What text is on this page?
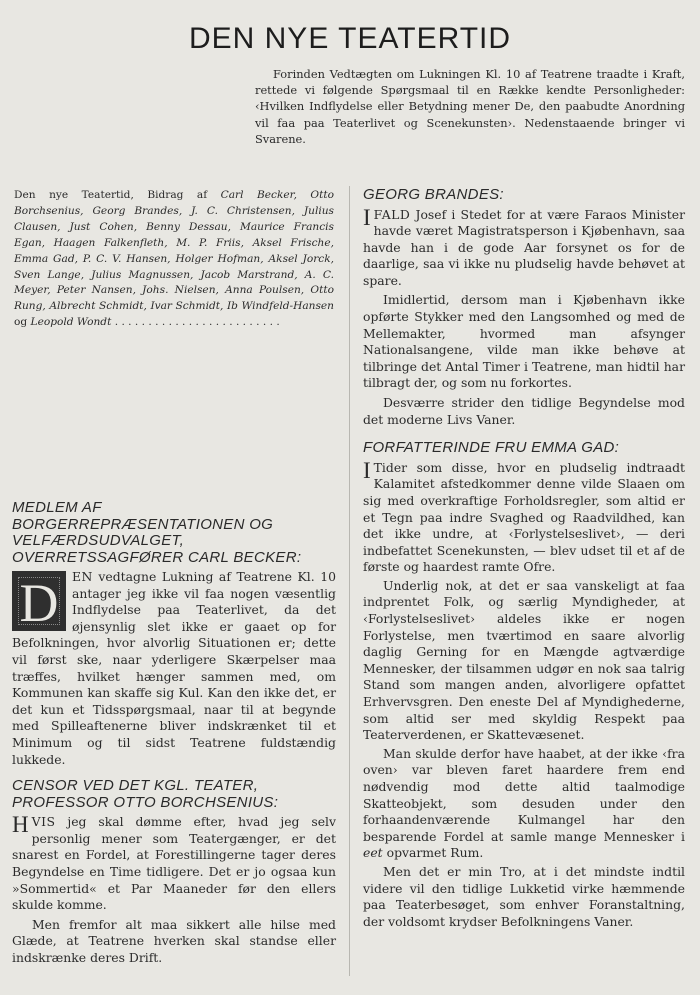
DEN NYE TEATERTID
Forinden Vedtægten om Lukningen Kl. 10 af Teatrene traadte i Kraft, rettede vi følgende Spørgsmaal til en Række kendte Personligheder: ‹Hvilken Indflydelse eller Betydning mener De, den paabudte Anordning vil faa paa Teaterlivet og Scenekunsten›. Nedenstaaende bringer vi Svarene.
Den nye Teatertid, Bidrag af Carl Becker, Otto Borchsenius, Georg Brandes, J. C. Christensen, Julius Clausen, Just Cohen, Benny Dessau, Maurice Francis Egan, Haagen Falkenfleth, M. P. Friis, Aksel Frische, Emma Gad, P. C. V. Hansen, Holger Hofman, Aksel Jorck, Sven Lange, Julius Magnussen, Jacob Marstrand, A. C. Meyer, Peter Nansen, Johs. Nielsen, Anna Poulsen, Otto Rung, Albrecht Schmidt, Ivar Schmidt, Ib Windfeld-Hansen og Leopold Wondt . . . . . . . . . . . . . . . . . . . . . . . . .
MEDLEM AF BORGERREPRÆSENTATIONEN OG VELFÆRDSUDVALGET, OVERRETSSAGFØRER CARL BECKER:

D	EN vedtagne Lukning af Teatrene Kl. 10 antager jeg ikke vil faa nogen væsentlig Indflydelse paa Teaterlivet, da det øjensynlig slet ikke er gaaet op for Befolkningen, hvor alvorlig Situationen er; dette vil først ske, naar yderligere Skærpelser maa træffes, hvilket hænger sammen med, om Kommunen kan skaffe sig Kul. Kan den ikke det, er det kun et Tidsspørgsmaal, naar til at begynde med Spilleaftenerne bliver indskrænket til et Minimum og til sidst Teatrene fuldstændig lukkede.

CENSOR VED DET KGL. TEATER, PROFESSOR OTTO BORCHSENIUS:

HVIS jeg skal dømme efter, hvad jeg selv personlig mener som Teatergænger, er det snarest en Fordel, at Forestillingerne tager deres Begyndelse en Time tidligere. Det er jo ogsaa kun »Sommertid« et Par Maaneder før den ellers skulde komme.

Men fremfor alt maa sikkert alle hilse med Glæde, at Teatrene hverken skal standse eller indskrænke deres Drift.

GEORG BRANDES:

IFALD Josef i Stedet for at være Faraos Minister havde været Magistratsperson i Kjøbenhavn, saa havde han i de gode Aar forsynet os for de daarlige, saa vi ikke nu pludselig havde behøvet at spare.

Imidlertid, dersom man i Kjøbenhavn ikke opførte Stykker med den Langsomhed og med de Mellemakter, hvormed man afsynger Nationalsangene, vilde man ikke behøve at tilbringe det Antal Timer i Teatrene, man hidtil har tilbragt der, og som nu forkortes.

Desværre strider den tidlige Begyndelse mod det moderne Livs Vaner.

FORFATTERINDE FRU EMMA GAD:

I Tider som disse, hvor en pludselig indtraadt Kalamitet afstedkommer denne vilde Slaaen om sig med overkraftige Forholdsregler, som altid er et Tegn paa indre Svaghed og Raadvildhed, kan det ikke undre, at ‹Forlystelseslivet›, — deri indbefattet Scenekunsten, — blev udset til et af de første og haardest ramte Ofre.

Underlig nok, at det er saa vanskeligt at faa indprentet Folk, og særlig Myndigheder, at ‹Forlystelseslivet› aldeles ikke er nogen Forlystelse, men tværtimod en saare alvorlig daglig Gerning for en Mængde agtværdige Mennesker, der tilsammen udgør en nok saa talrig Stand som mangen anden, alvorligere opfattet Erhvervsgren. Den eneste Del af Myndighederne, som altid ser med skyldig Respekt paa Teaterverdenen, er Skattevæsenet.

Man skulde derfor have haabet, at der ikke ‹fra oven› var bleven faret haardere frem end nødvendig mod dette altid taalmodige Skatteobjekt, som desuden under den forhaandenværende Kulmangel har den besparende Fordel at samle mange Mennesker i eet opvarmet Rum.

Men det er min Tro, at i det mindste indtil videre vil den tidlige Lukketid virke hæmmende paa Teaterbesøget, som enhver Foranstaltning, der voldsomt krydser Befolkningens Vaner.
